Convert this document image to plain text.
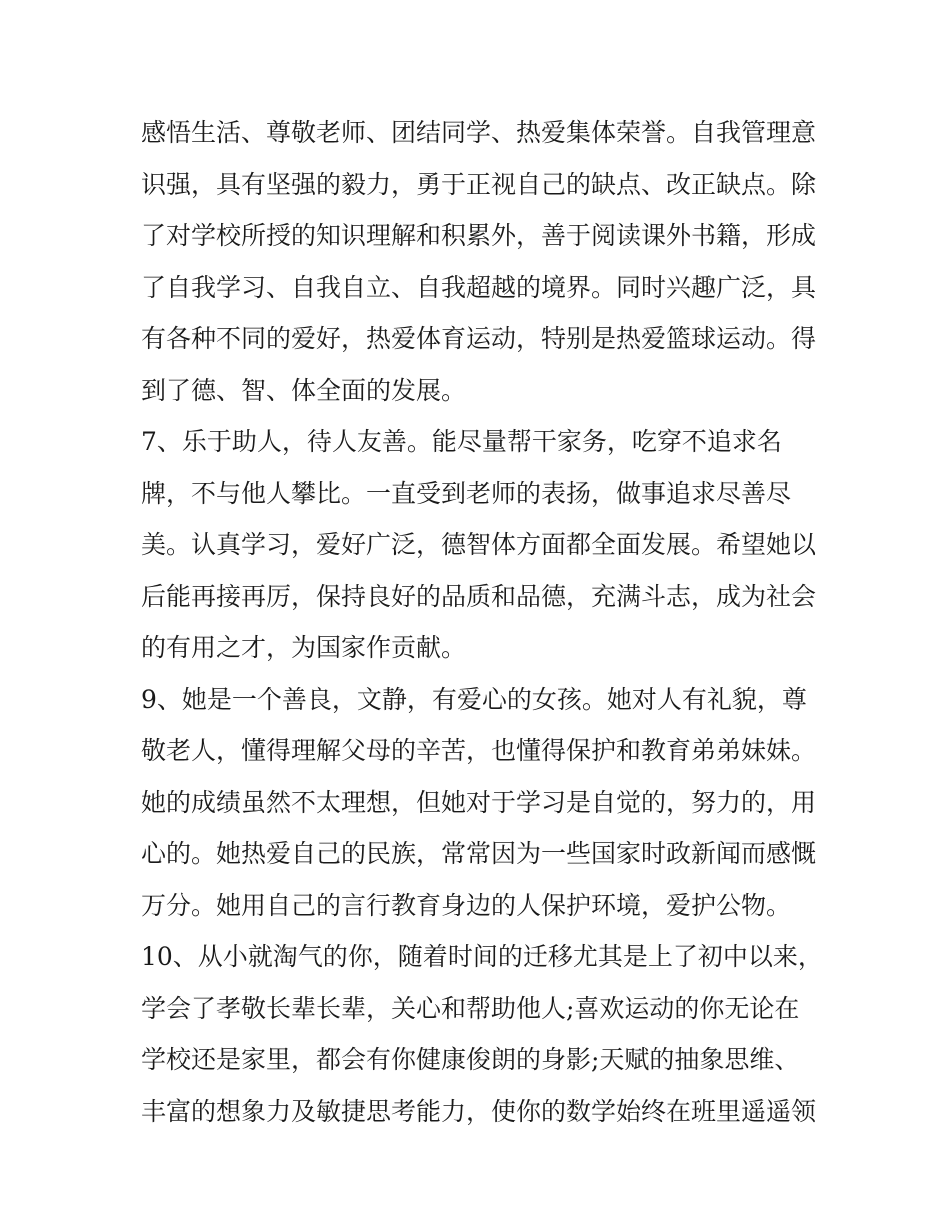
感悟生活、尊敬老师、团结同学、热爱集体荣誉。自我管理意
识强，具有坚强的毅力，勇于正视自己的缺点、改正缺点。除
了对学校所授的知识理解和积累外，善于阅读课外书籍，形成
了自我学习、自我自立、自我超越的境界。同时兴趣广泛，具
有各种不同的爱好，热爱体育运动，特别是热爱篮球运动。得
到了德、智、体全面的发展。
7、乐于助人，待人友善。能尽量帮干家务，吃穿不追求名
牌，不与他人攀比。一直受到老师的表扬，做事追求尽善尽
美。认真学习，爱好广泛，德智体方面都全面发展。希望她以
后能再接再厉，保持良好的品质和品德，充满斗志，成为社会
的有用之才，为国家作贡献。
9、她是一个善良，文静，有爱心的女孩。她对人有礼貌，尊
敬老人，懂得理解父母的辛苦，也懂得保护和教育弟弟妹妹。
她的成绩虽然不太理想，但她对于学习是自觉的，努力的，用
心的。她热爱自己的民族，常常因为一些国家时政新闻而感慨
万分。她用自己的言行教育身边的人保护环境，爱护公物。
10、从小就淘气的你，随着时间的迁移尤其是上了初中以来，
学会了孝敬长辈长辈，关心和帮助他人;喜欢运动的你无论在
学校还是家里，都会有你健康俊朗的身影;天赋的抽象思维、
丰富的想象力及敏捷思考能力，使你的数学始终在班里遥遥领
